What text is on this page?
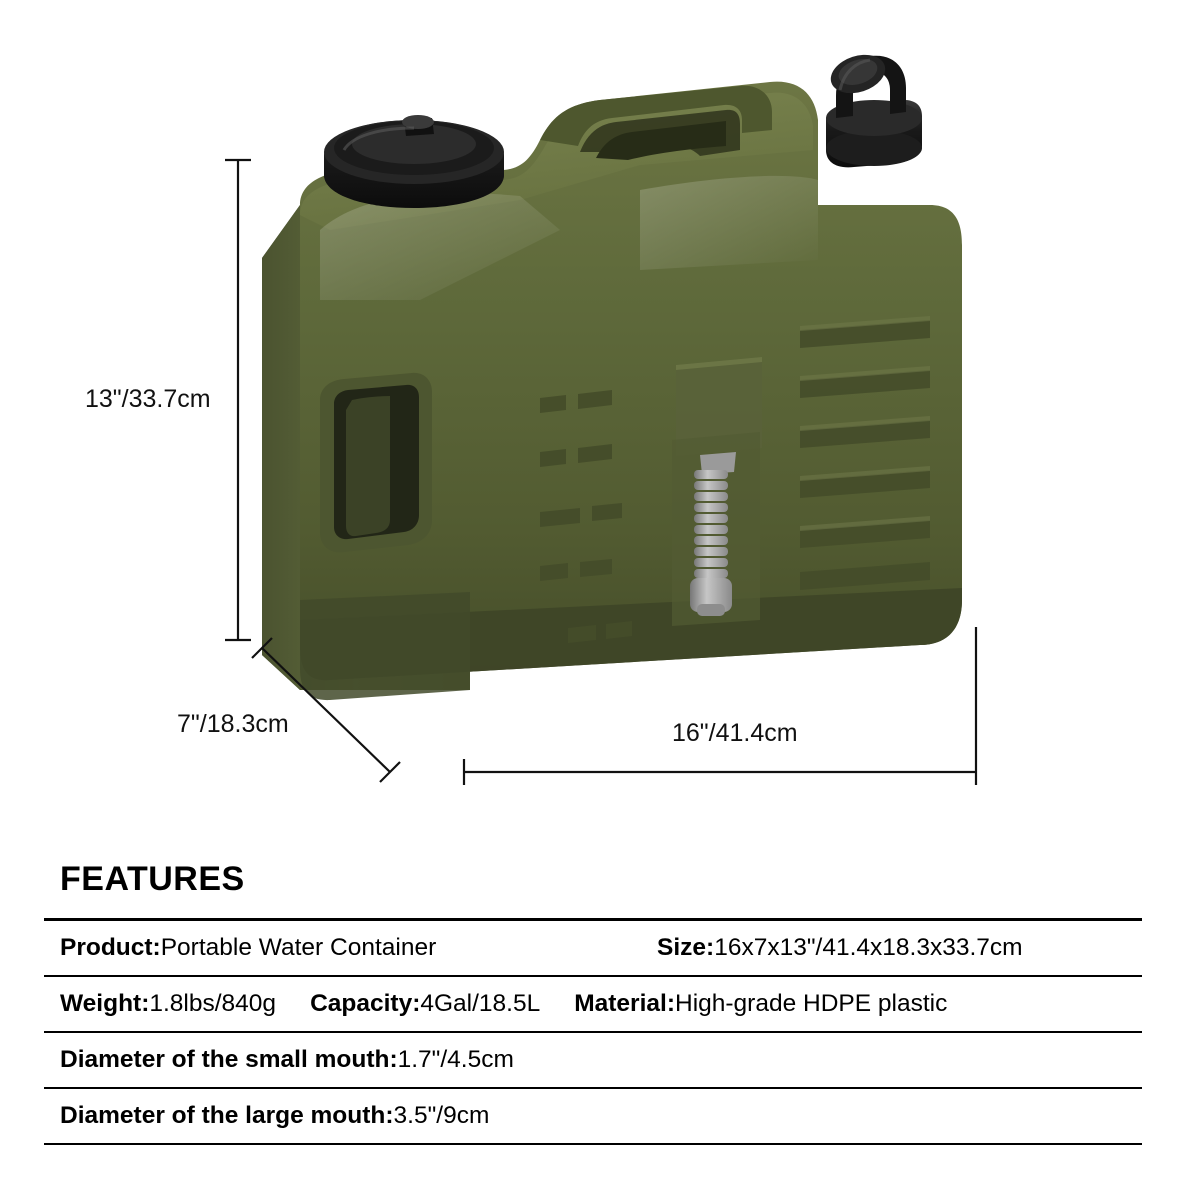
13"/33.7cm
7"/18.3cm	16"/41.4cm
FEATURES
Product: Portable Water Container	Size:16x7x13"/41.4x18.3x33.7cm
Weight: 1.8lbs/840g Capacity: 4Gal/18.5L Material: High-grade HDPE plastic
Diameter of the small mouth: 1.7"/4.5cm
Diameter of the large mouth: 3.5"/9cm
